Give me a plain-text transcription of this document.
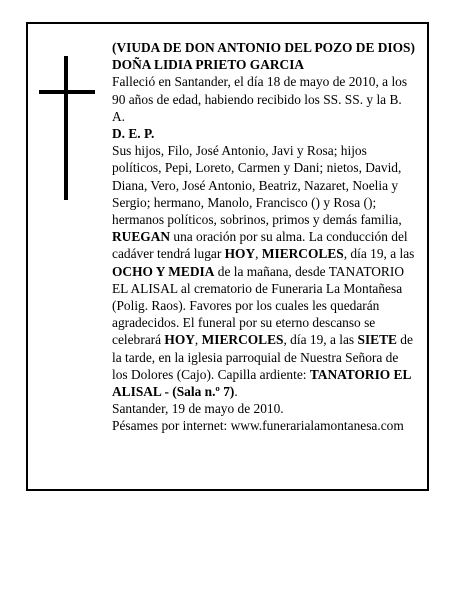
(VIUDA DE DON ANTONIO DEL POZO DE DIOS)

DOÑA LIDIA PRIETO GARCIA

Falleció en Santander, el día 18 de mayo de 2010, a los 90 años de edad, habiendo recibido los SS. SS. y la B. A.

D. E. P.

Sus hijos, Filo, José Antonio, Javi y Rosa; hijos políticos, Pepi, Loreto, Carmen y Dani; nietos, David, Diana, Vero, José Antonio, Beatriz, Nazaret, Noelia y Sergio; hermano, Manolo, Francisco () y Rosa (); hermanos políticos, sobrinos, primos y demás familia, RUEGAN una oración por su alma. La conducción del cadáver tendrá lugar HOY, MIERCOLES, día 19, a las OCHO Y MEDIA de la mañana, desde TANATORIO EL ALISAL al crematorio de Funeraria La Montañesa (Polig. Raos). Favores por los cuales les quedarán agradecidos. El funeral por su eterno descanso se celebrará HOY, MIERCOLES, día 19, a las SIETE de la tarde, en la iglesia parroquial de Nuestra Señora de los Dolores (Cajo). Capilla ardiente: TANATORIO EL ALISAL - (Sala n.º 7).

Santander, 19 de mayo de 2010.

Pésames por internet: www.funerarialamontanesa.com
